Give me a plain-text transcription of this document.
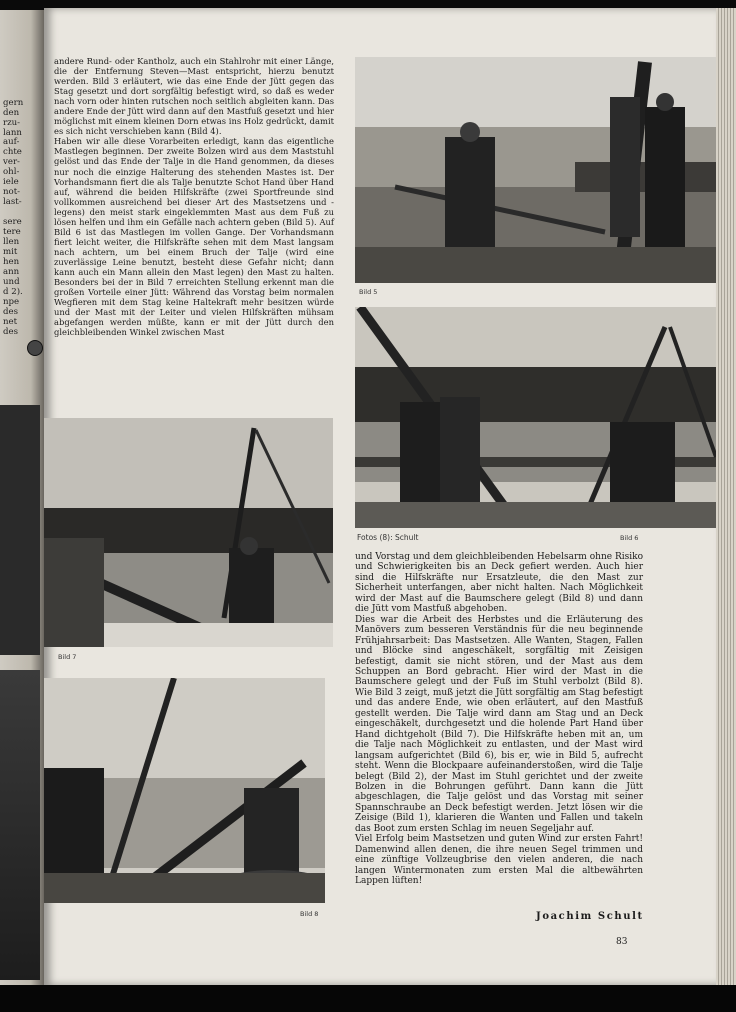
gern
den
rzu-
lann
auf-
chte
ver-
ohl-
iele
not-
last-
sere
tere
llen
mit
hen
ann
und
d 2).
npe
des
net
des

andere Rund- oder Kantholz, auch ein Stahlrohr mit einer Länge, die der Entfernung Steven—Mast entspricht, hierzu benutzt werden. Bild 3 erläutert, wie das eine Ende der Jütt gegen das Stag gesetzt und dort sorgfältig befestigt wird, so daß es weder nach vorn oder hinten rutschen noch seitlich abgleiten kann. Das andere Ende der Jütt wird dann auf den Mastfuß gesetzt und hier möglichst mit einem kleinen Dorn etwas ins Holz gedrückt, damit es sich nicht verschieben kann (Bild 4).

Haben wir alle diese Vorarbeiten erledigt, kann das eigentliche Mastlegen beginnen. Der zweite Bolzen wird aus dem Maststuhl gelöst und das Ende der Talje in die Hand genommen, da dieses nur noch die einzige Halterung des stehenden Mastes ist. Der Vorhandsmann fiert die als Talje benutzte Schot Hand über Hand auf, während die beiden Hilfskräfte (zwei Sportfreunde sind vollkommen ausreichend bei dieser Art des Mastsetzens und -legens) den meist stark eingeklemmten Mast aus dem Fuß zu lösen helfen und ihm ein Gefälle nach achtern geben (Bild 5). Auf Bild 6 ist das Mastlegen im vollen Gange. Der Vorhandsmann fiert leicht weiter, die Hilfskräfte sehen mit dem Mast langsam nach achtern, um bei einem Bruch der Talje (wird eine zuverlässige Leine benutzt, besteht diese Gefahr nicht; dann kann auch ein Mann allein den Mast legen) den Mast zu halten. Besonders bei der in Bild 7 erreichten Stellung erkennt man die großen Vorteile einer Jütt: Während das Vorstag beim normalen Wegfieren mit dem Stag keine Haltekraft mehr besitzen würde und der Mast mit der Leiter und vielen Hilfskräften mühsam abgefangen werden müßte, kann er mit der Jütt durch den gleichbleibenden Winkel zwischen Mast

Bild 5
Fotos (8): Schult	Bild 6
Bild 7
Bild 8

und Vorstag und dem gleichbleibenden Hebelsarm ohne Risiko und Schwierigkeiten bis an Deck gefiert werden. Auch hier sind die Hilfskräfte nur Ersatzleute, die den Mast zur Sicherheit unterfangen, aber nicht halten. Nach Möglichkeit wird der Mast auf die Baumschere gelegt (Bild 8) und dann die Jütt vom Mastfuß abgehoben.

Dies war die Arbeit des Herbstes und die Erläuterung des Manövers zum besseren Verständnis für die neu beginnende Frühjahrsarbeit: Das Mastsetzen. Alle Wanten, Stagen, Fallen und Blöcke sind angeschäkelt, sorgfältig mit Zeisigen befestigt, damit sie nicht stören, und der Mast aus dem Schuppen an Bord gebracht. Hier wird der Mast in die Baumschere gelegt und der Fuß im Stuhl verbolzt (Bild 8). Wie Bild 3 zeigt, muß jetzt die Jütt sorgfältig am Stag befestigt und das andere Ende, wie oben erläutert, auf den Mastfuß gestellt werden. Die Talje wird dann am Stag und an Deck eingeschäkelt, durchgesetzt und die holende Part Hand über Hand dichtgeholt (Bild 7). Die Hilfskräfte heben mit an, um die Talje nach Möglichkeit zu entlasten, und der Mast wird langsam aufgerichtet (Bild 6), bis er, wie in Bild 5, aufrecht steht. Wenn die Blockpaare aufeinanderstoßen, wird die Talje belegt (Bild 2), der Mast im Stuhl gerichtet und der zweite Bolzen in die Bohrungen geführt. Dann kann die Jütt abgeschlagen, die Talje gelöst und das Vorstag mit seiner Spannschraube an Deck befestigt werden. Jetzt lösen wir die Zeisige (Bild 1), klarieren die Wanten und Fallen und takeln das Boot zum ersten Schlag im neuen Segeljahr auf.

Viel Erfolg beim Mastsetzen und guten Wind zur ersten Fahrt! Damenwind allen denen, die ihre neuen Segel trimmen und eine zünftige Vollzeugbrise den vielen anderen, die nach langen Wintermonaten zum ersten Mal die altbewährten Lappen lüften!

Joachim Schult
83
